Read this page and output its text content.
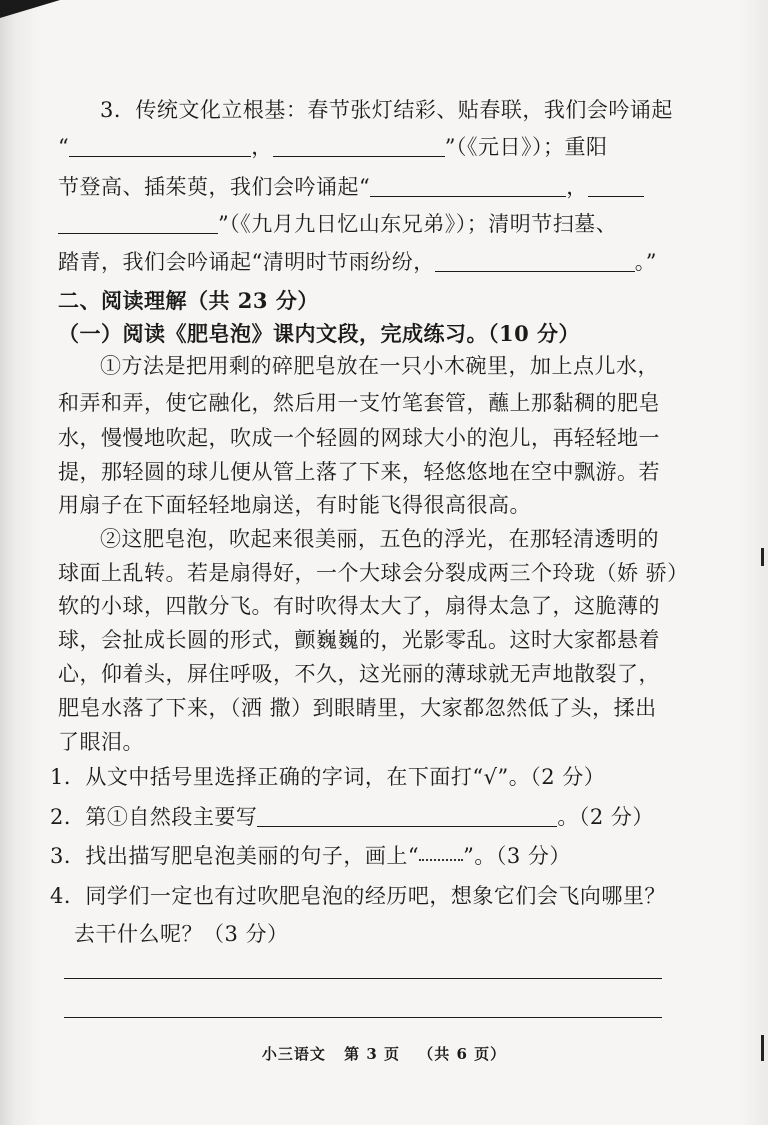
3．传统文化立根基：春节张灯结彩、贴春联，我们会吟诵起
“	，	”（《元日》）；重阳
节登高、插茱萸，我们会吟诵起“	，
”（《九月九日忆山东兄弟》）；清明节扫墓、
踏青，我们会吟诵起“清明时节雨纷纷，	。”
二、阅读理解（共 23 分）
（一）阅读《肥皂泡》课内文段，完成练习。（10 分）
①方法是把用剩的碎肥皂放在一只小木碗里，加上点儿水，
和弄和弄，使它融化，然后用一支竹笔套管，蘸上那黏稠的肥皂
水，慢慢地吹起，吹成一个轻圆的网球大小的泡儿，再轻轻地一
提，那轻圆的球儿便从管上落了下来，轻悠悠地在空中飘游。若
用扇子在下面轻轻地扇送，有时能飞得很高很高。
②这肥皂泡，吹起来很美丽，五色的浮光，在那轻清透明的
球面上乱转。若是扇得好，一个大球会分裂成两三个玲珑（娇 骄）
软的小球，四散分飞。有时吹得太大了，扇得太急了，这脆薄的
球，会扯成长圆的形式，颤巍巍的，光影零乱。这时大家都悬着
心，仰着头，屏住呼吸，不久，这光丽的薄球就无声地散裂了，
肥皂水落了下来，（洒 撒）到眼睛里，大家都忽然低了头，揉出
了眼泪。
1．从文中括号里选择正确的字词，在下面打“√”。（2 分）
2．第①自然段主要写	。（2 分）
3．找出描写肥皂泡美丽的句子，画上“ ”。（3 分）
4．同学们一定也有过吹肥皂泡的经历吧，想象它们会飞向哪里？
去干什么呢？（3 分）
小三语文 第 3 页 （共 6 页）
